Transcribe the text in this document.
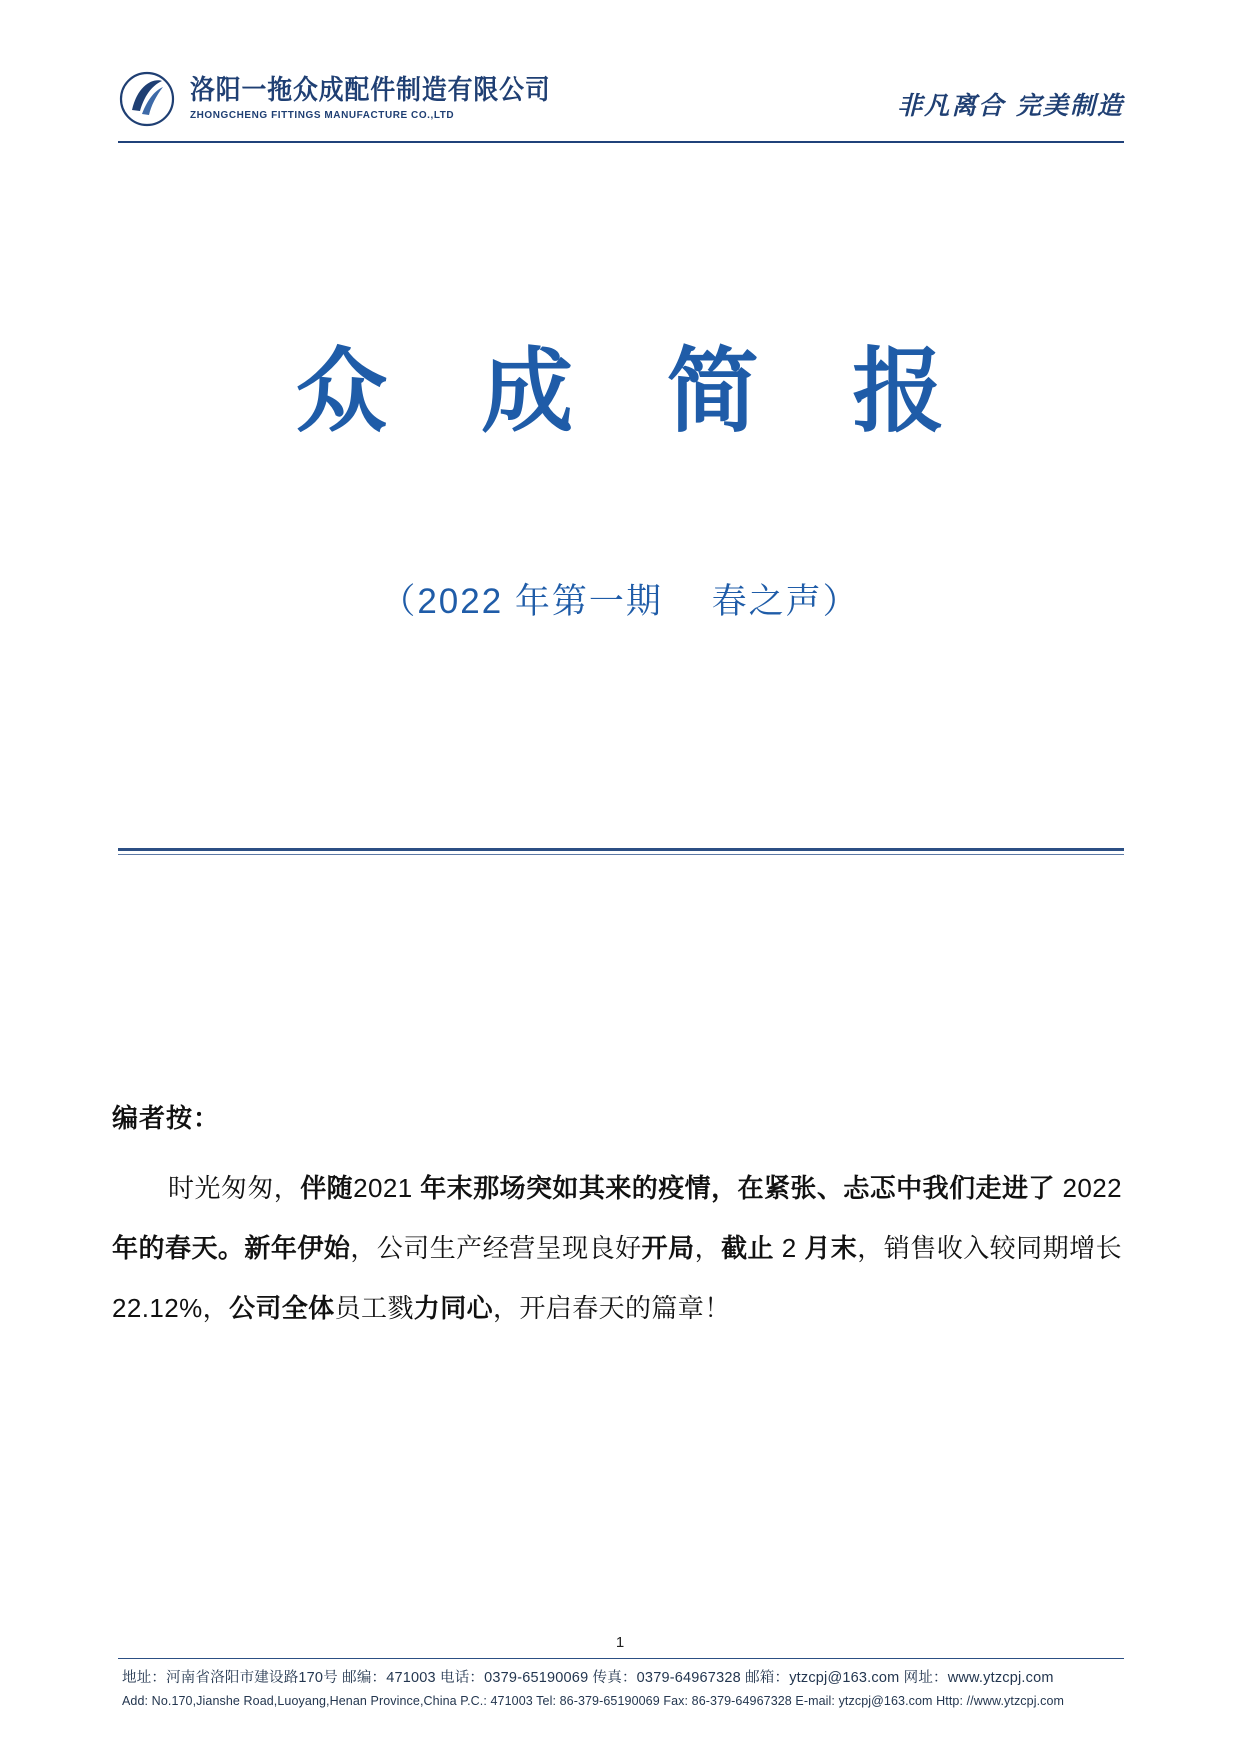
洛阳一拖众成配件制造有限公司
ZHONGCHENG FITTINGS MANUFACTURE CO.,LTD	非凡离合 完美制造
众 成 简 报
（2022 年第一期　 春之声）
编者按：
时光匆匆，伴随2021 年末那场突如其来的疫情，在紧张、忐忑中我们走进了 2022 年的春天。新年伊始，公司生产经营呈现良好开局，截止 2 月末，销售收入较同期增长 22.12%，公司全体员工戮力同心，开启春天的篇章！
1
地址：河南省洛阳市建设路170号 邮编：471003 电话：0379-65190069 传真：0379-64967328 邮箱：ytzcpj@163.com 网址：www.ytzcpj.com
Add: No.170,Jianshe Road,Luoyang,Henan Province,China P.C.: 471003 Tel: 86-379-65190069 Fax: 86-379-64967328 E-mail: ytzcpj@163.com Http: //www.ytzcpj.com
